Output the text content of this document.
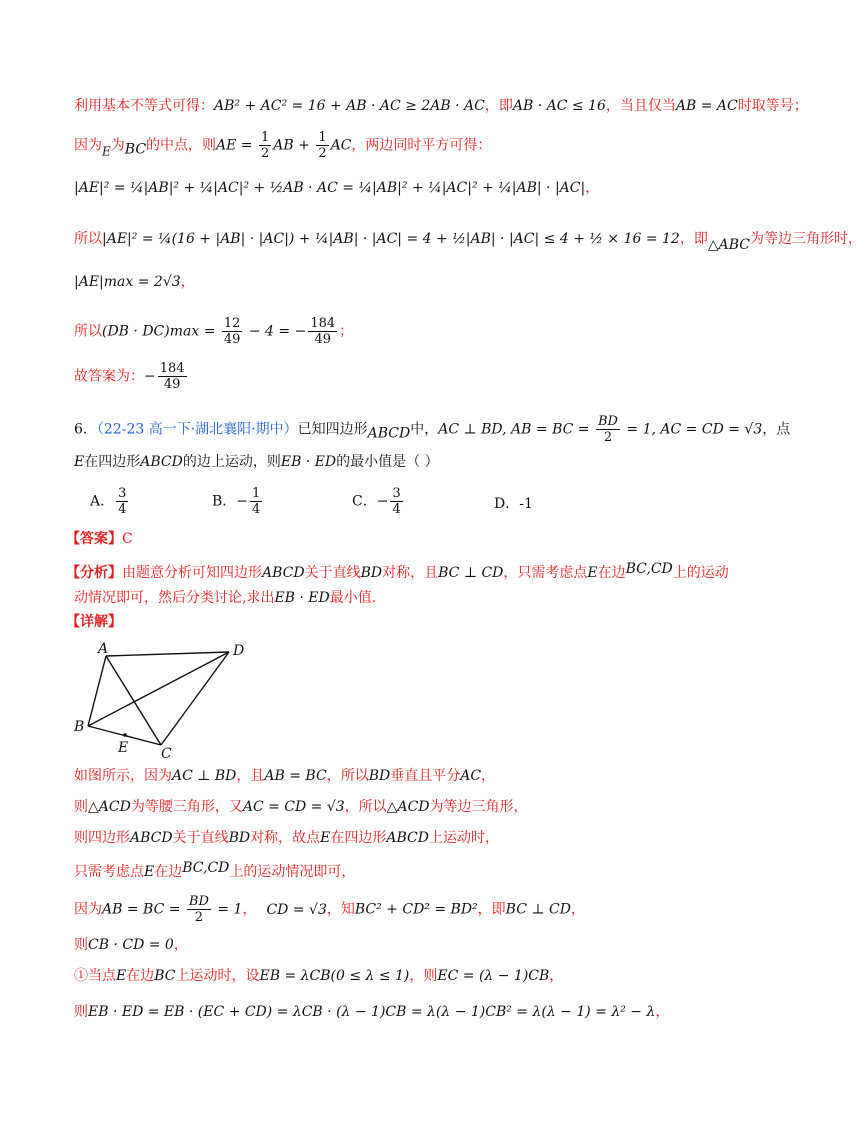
利用基本不等式可得：AB² + AC² = 16 + AB · AC ≥ 2AB · AC，即AB · AC ≤ 16，当且仅当AB = AC时取等号；
因为E为BC的中点，则AE = $\frac{1}{2}$ AB + $\frac{1}{2}$ AC，两边同时平方可得：
|AE|² = ¼|AB|² + ¼|AC|² + ½AB · AC = ¼|AB|² + ¼|AC|² + ¼|AB| · |AC|，
所以|AE|² = ¼(16 + |AB| · |AC|) + ¼|AB| · |AC| = 4 + ½|AB| · |AC| ≤ 4 + ½ × 16 = 12，即△ABC为等边三角形时，
|AE|max = 2√3，
所以$(DB \cdot DC)\max = \frac{12}{49} - 4$ = − $\frac{184}{49}$ ；
故答案为：− $\frac{184}{49}$
6．（22-23 高一下·湖北襄阳·期中）已知四边形ABCD中，AC ⊥ BD, AB = BC = $\frac{BD}{2} = 1$, AC = CD = √3，点
E在四边形ABCD的边上运动，则EB · ED的最小值是（ ）
A． $\frac{3}{4}$	B．− $\frac{1}{4}$	C．− $\frac{3}{4}$	D．-1
【答案】C
【分析】由题意分析可知四边形ABCD关于直线BD对称，且BC ⊥ CD，只需考虑点E在边BC,CD上的运动
动情况即可，然后分类讨论,求出EB · ED最小值.
【详解】
A
B
C
D
E
如图所示，因为AC ⊥ BD，且AB = BC，所以BD垂直且平分AC，
则△ACD为等腰三角形，又AC = CD = √3，所以△ACD为等边三角形，
则四边形ABCD关于直线BD对称，故点E在四边形ABCD上运动时，
只需考虑点E在边BC,CD上的运动情况即可，
因为AB = BC = $\frac{BD}{2} = 1$， CD = √3，知BC² + CD² = BD²，即BC ⊥ CD，
则CB · CD = 0，
①当点E在边BC上运动时，设EB = λCB(0 ≤ λ ≤ 1)，则EC = (λ − 1)CB，
则EB · ED = EB · (EC + CD) = λCB · (λ − 1)CB = λ(λ − 1)CB² = λ(λ − 1) = λ² − λ，
